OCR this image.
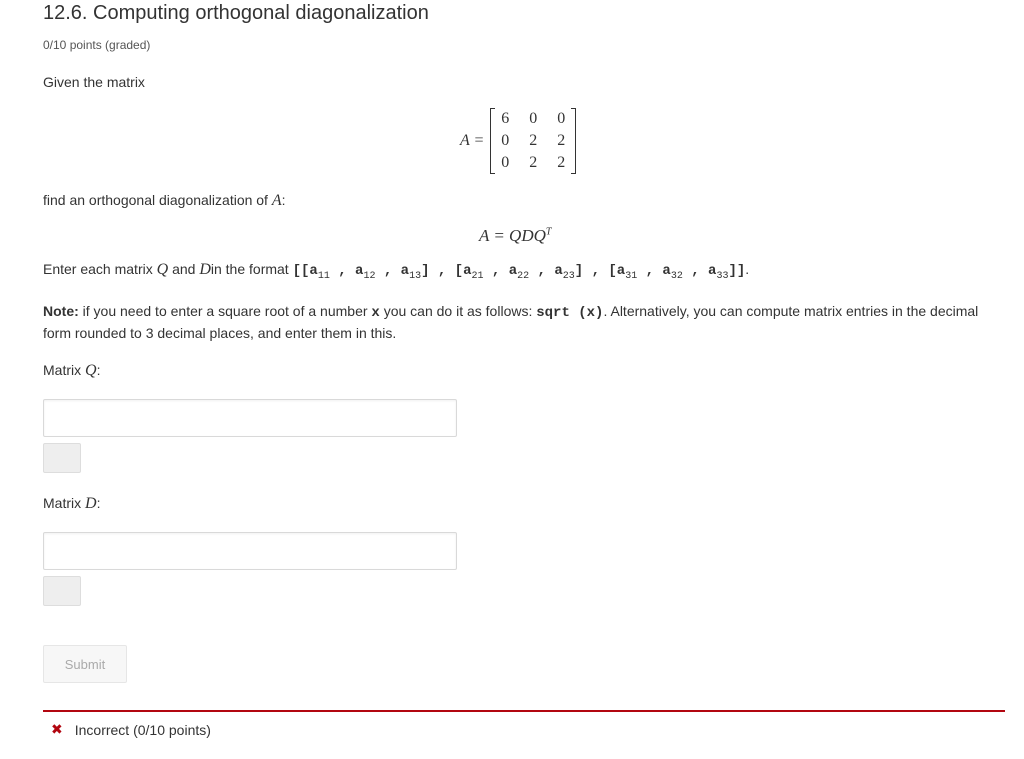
12.6. Computing orthogonal diagonalization
0/10 points (graded)
Given the matrix
A =
6 0 0
0 2 2
0 2 2
find an orthogonal diagonalization of A:
$A = QDQ^T$
Enter each matrix Q and Din the format [[$a_{11}$ , $a_{12}$ , $a_{13}$] , [$a_{21}$ , $a_{22}$ , $a_{23}$] , [$a_{31}$ , $a_{32}$ , $a_{33}$]].
Note: if you need to enter a square root of a number x you can do it as follows: sqrt (x). Alternatively, you can compute matrix entries in the decimal form rounded to 3 decimal places, and enter them in this.
Matrix Q:
Matrix D:
Submit
✖ Incorrect (0/10 points)
